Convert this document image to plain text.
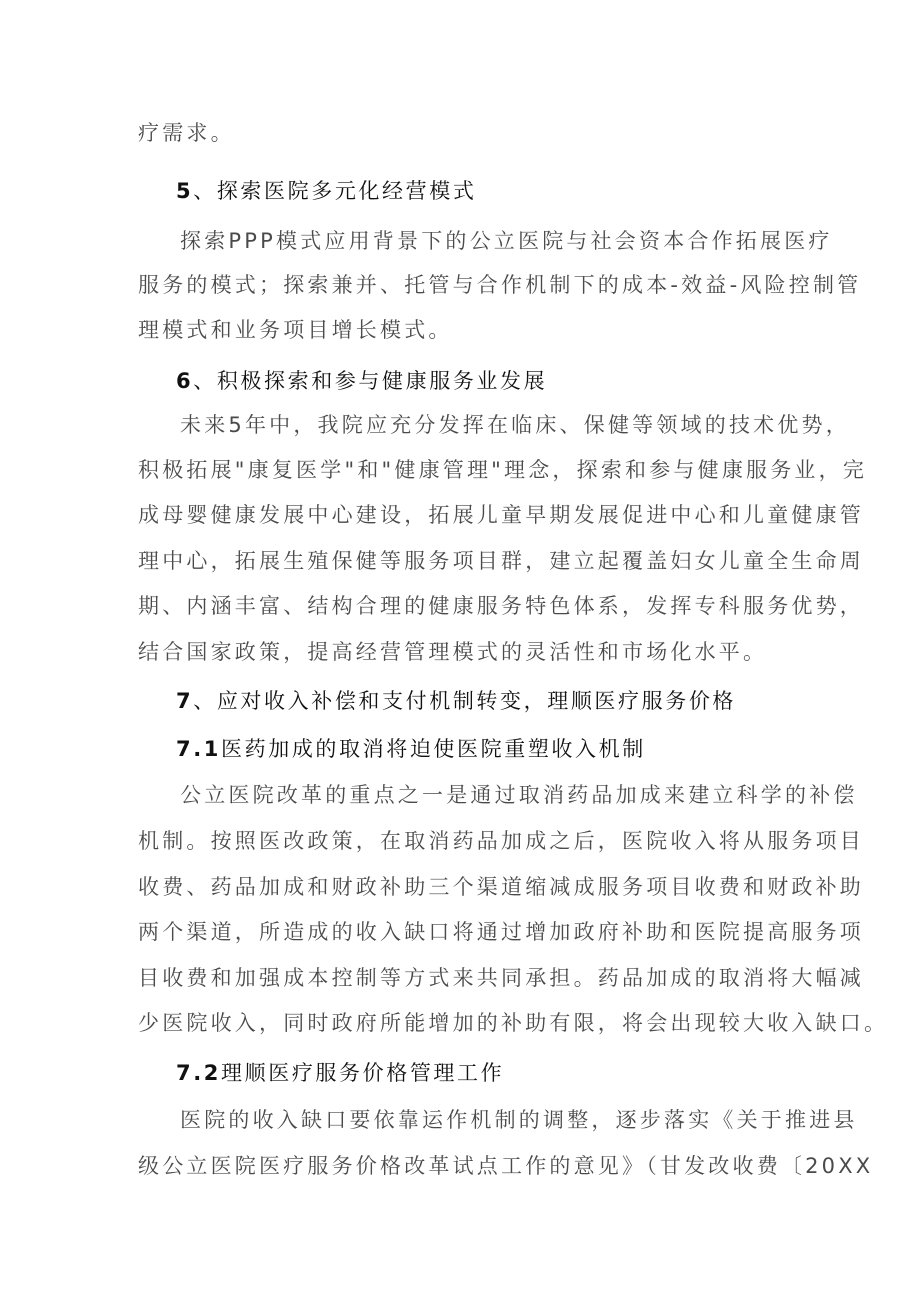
疗需求。
5、探索医院多元化经营模式
探索PPP模式应用背景下的公立医院与社会资本合作拓展医疗
服务的模式；探索兼并、托管与合作机制下的成本-效益-风险控制管
理模式和业务项目增长模式。
6、积极探索和参与健康服务业发展
未来5年中，我院应充分发挥在临床、保健等领域的技术优势，
积极拓展"康复医学"和"健康管理"理念，探索和参与健康服务业，完
成母婴健康发展中心建设，拓展儿童早期发展促进中心和儿童健康管
理中心，拓展生殖保健等服务项目群，建立起覆盖妇女儿童全生命周
期、内涵丰富、结构合理的健康服务特色体系，发挥专科服务优势，
结合国家政策，提高经营管理模式的灵活性和市场化水平。
7、应对收入补偿和支付机制转变，理顺医疗服务价格
7.1医药加成的取消将迫使医院重塑收入机制
公立医院改革的重点之一是通过取消药品加成来建立科学的补偿
机制。按照医改政策，在取消药品加成之后，医院收入将从服务项目
收费、药品加成和财政补助三个渠道缩减成服务项目收费和财政补助
两个渠道，所造成的收入缺口将通过增加政府补助和医院提高服务项
目收费和加强成本控制等方式来共同承担。药品加成的取消将大幅减
少医院收入，同时政府所能增加的补助有限，将会出现较大收入缺口。
7.2理顺医疗服务价格管理工作
医院的收入缺口要依靠运作机制的调整，逐步落实《关于推进县
级公立医院医疗服务价格改革试点工作的意见》（甘发改收费〔20XX
